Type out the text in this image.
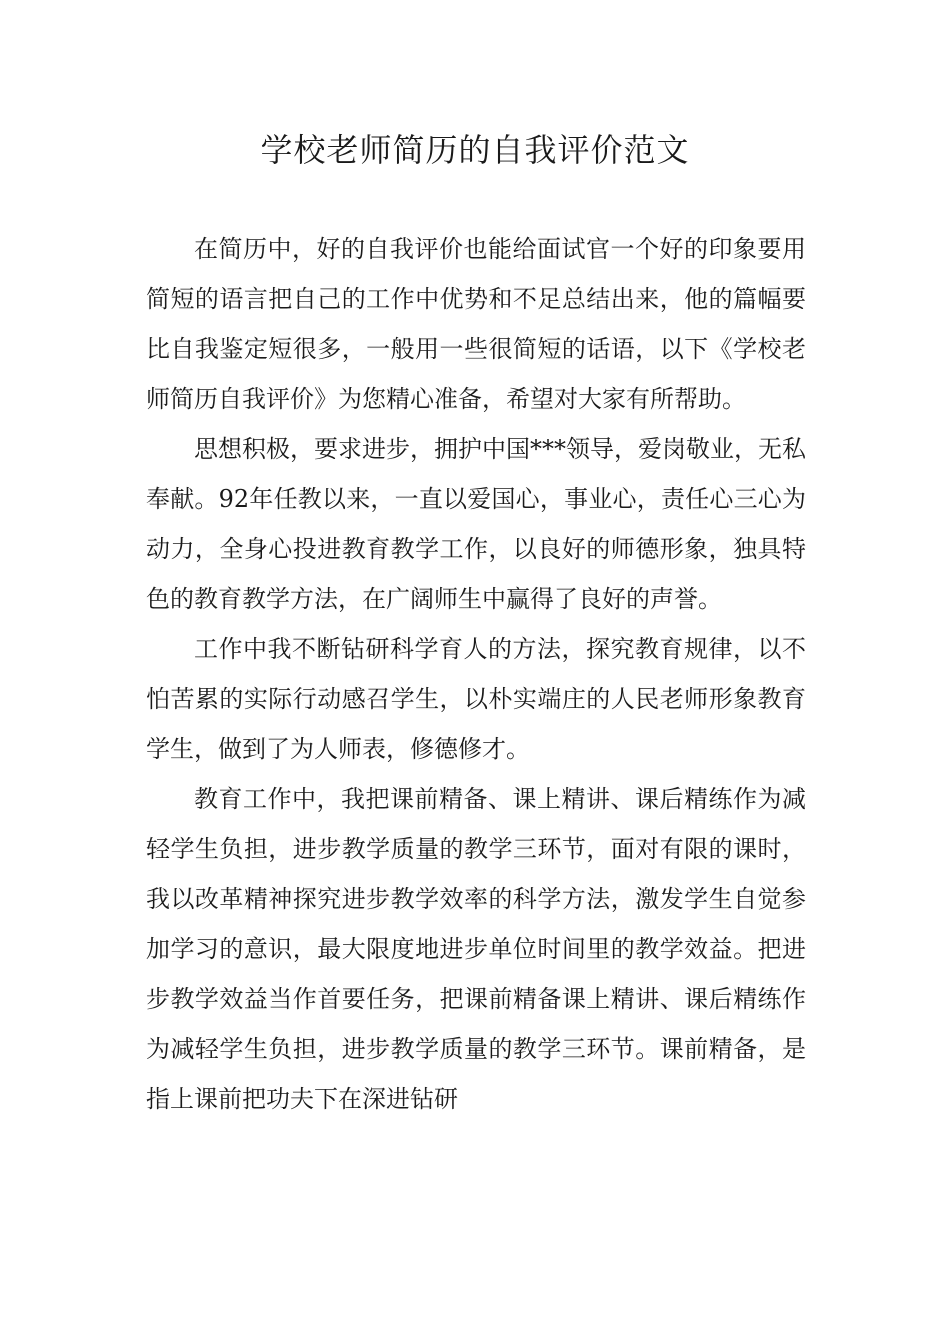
学校老师简历的自我评价范文

在简历中，好的自我评价也能给面试官一个好的印象要用简短的语言把自己的工作中优势和不足总结出来，他的篇幅要比自我鉴定短很多，一般用一些很简短的话语，以下《学校老师简历自我评价》为您精心准备，希望对大家有所帮助。

思想积极，要求进步，拥护中国***领导，爱岗敬业，无私奉献。92年任教以来，一直以爱国心，事业心，责任心三心为动力，全身心投进教育教学工作，以良好的师德形象，独具特色的教育教学方法，在广阔师生中赢得了良好的声誉。

工作中我不断钻研科学育人的方法，探究教育规律，以不怕苦累的实际行动感召学生，以朴实端庄的人民老师形象教育学生，做到了为人师表，修德修才。

教育工作中，我把课前精备、课上精讲、课后精练作为减轻学生负担，进步教学质量的教学三环节，面对有限的课时，我以改革精神探究进步教学效率的科学方法，激发学生自觉参加学习的意识，最大限度地进步单位时间里的教学效益。把进步教学效益当作首要任务，把课前精备课上精讲、课后精练作为减轻学生负担，进步教学质量的教学三环节。课前精备，是指上课前把功夫下在深进钻研
